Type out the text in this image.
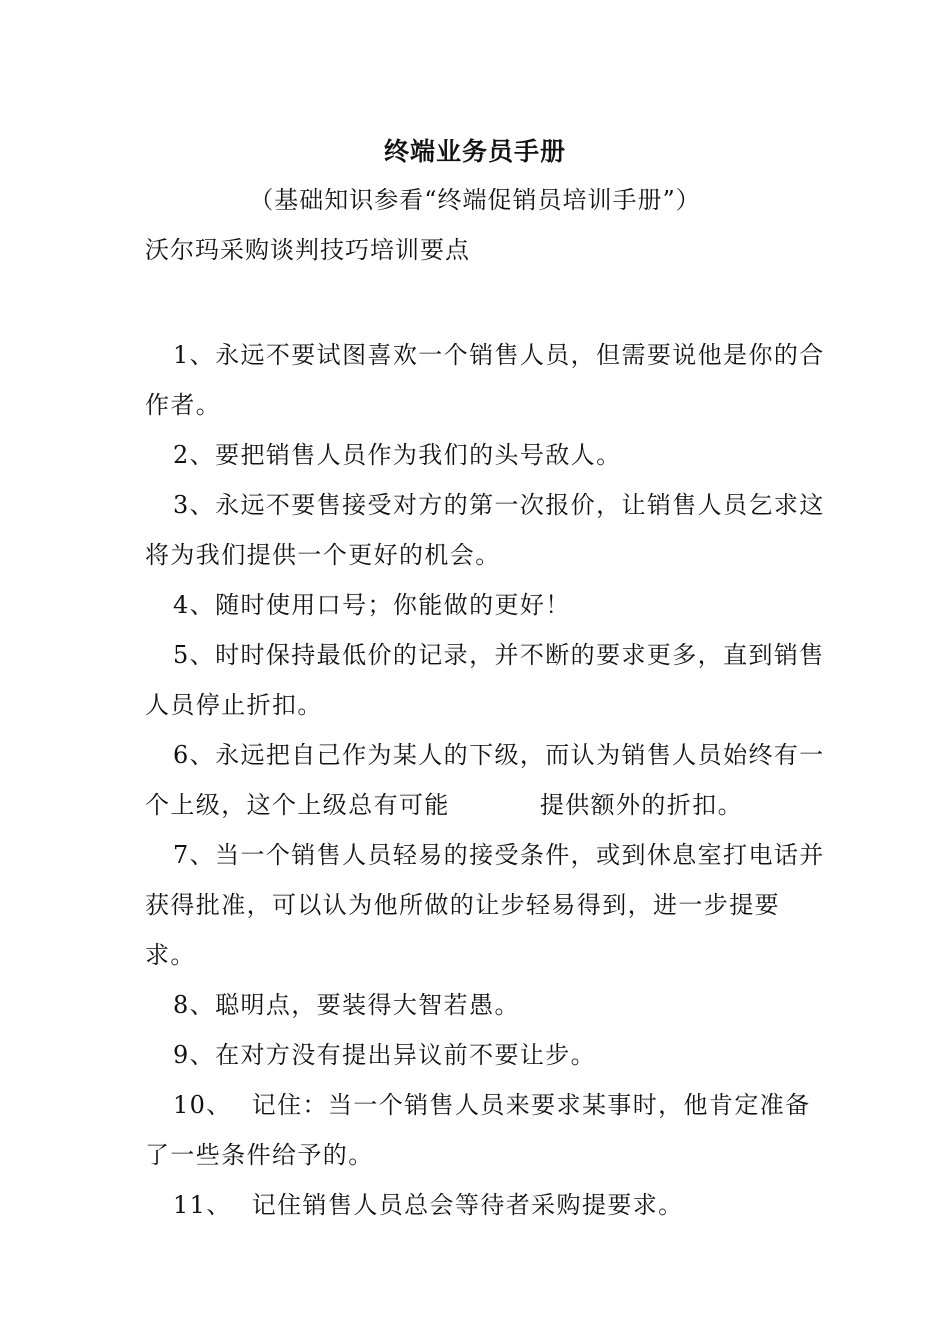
终端业务员手册
（基础知识参看“终端促销员培训手册”）
沃尔玛采购谈判技巧培训要点
1、永远不要试图喜欢一个销售人员，但需要说他是你的合作者。
2、要把销售人员作为我们的头号敌人。
3、永远不要售接受对方的第一次报价，让销售人员乞求这将为我们提供一个更好的机会。
4、随时使用口号；你能做的更好！
5、时时保持最低价的记录，并不断的要求更多，直到销售人员停止折扣。
6、永远把自己作为某人的下级，而认为销售人员始终有一个上级，这个上级总有可能	提供额外的折扣。
7、当一个销售人员轻易的接受条件，或到休息室打电话并获得批准，可以认为他所做的让步轻易得到，进一步提要求。
8、聪明点，要装得大智若愚。
9、在对方没有提出异议前不要让步。
10、 记住：当一个销售人员来要求某事时，他肯定准备了一些条件给予的。
11、 记住销售人员总会等待者采购提要求。
